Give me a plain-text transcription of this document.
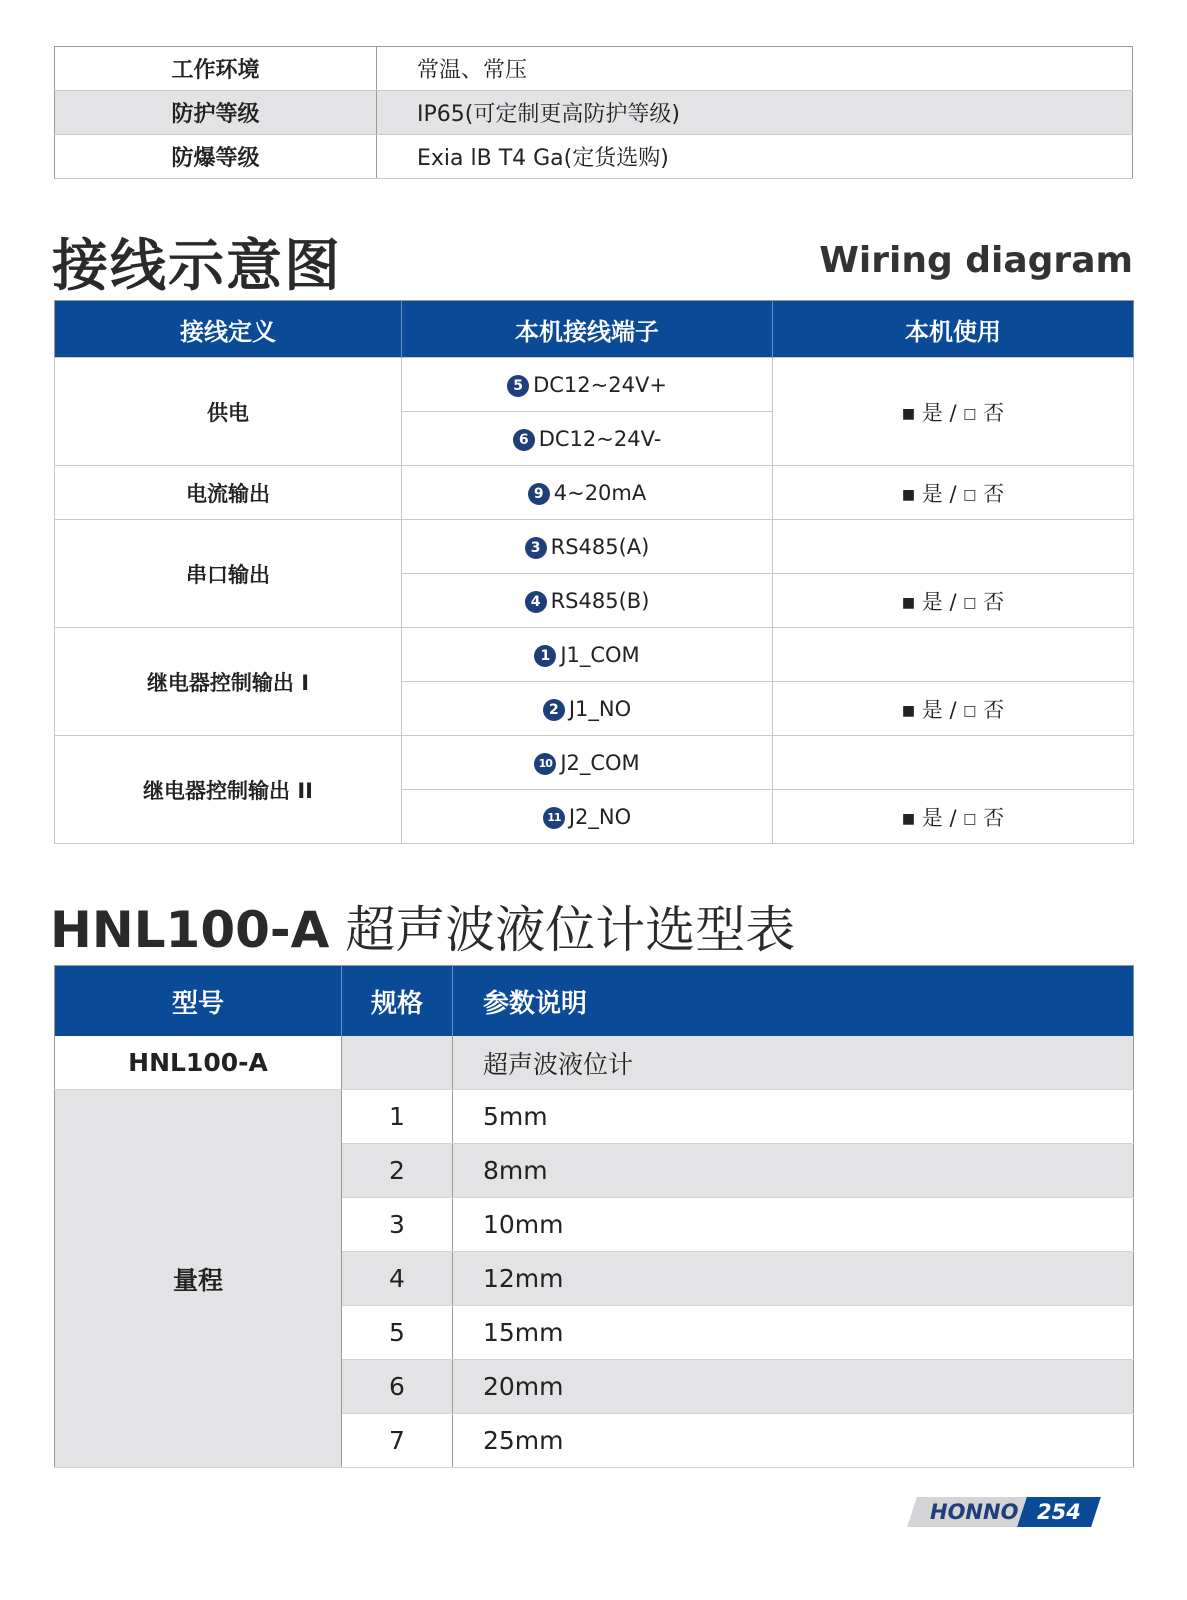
工作环境	常温、常压
防护等级	IP65(可定制更高防护等级)
防爆等级	Exia lB T4 Ga(定货选购)
接线示意图	Wiring diagram
接线定义	本机接线端子	本机使用
供电	5 DC12~24V+	■ 是 / □ 否
	6 DC12~24V-	
电流输出	9 4~20mA	■ 是 / □ 否
串口输出	3 RS485(A)	
	4 RS485(B)	■ 是 / □ 否
继电器控制输出 I	1 J1_COM	
	2 J1_NO	■ 是 / □ 否
继电器控制输出 II	10 J2_COM	
	11 J2_NO	■ 是 / □ 否
HNL100-A 超声波液位计选型表
型号	规格	参数说明
HNL100-A		超声波液位计
量程	1	5mm
	2	8mm
	3	10mm
	4	12mm
	5	15mm
	6	20mm
	7	25mm
HONNO 254
